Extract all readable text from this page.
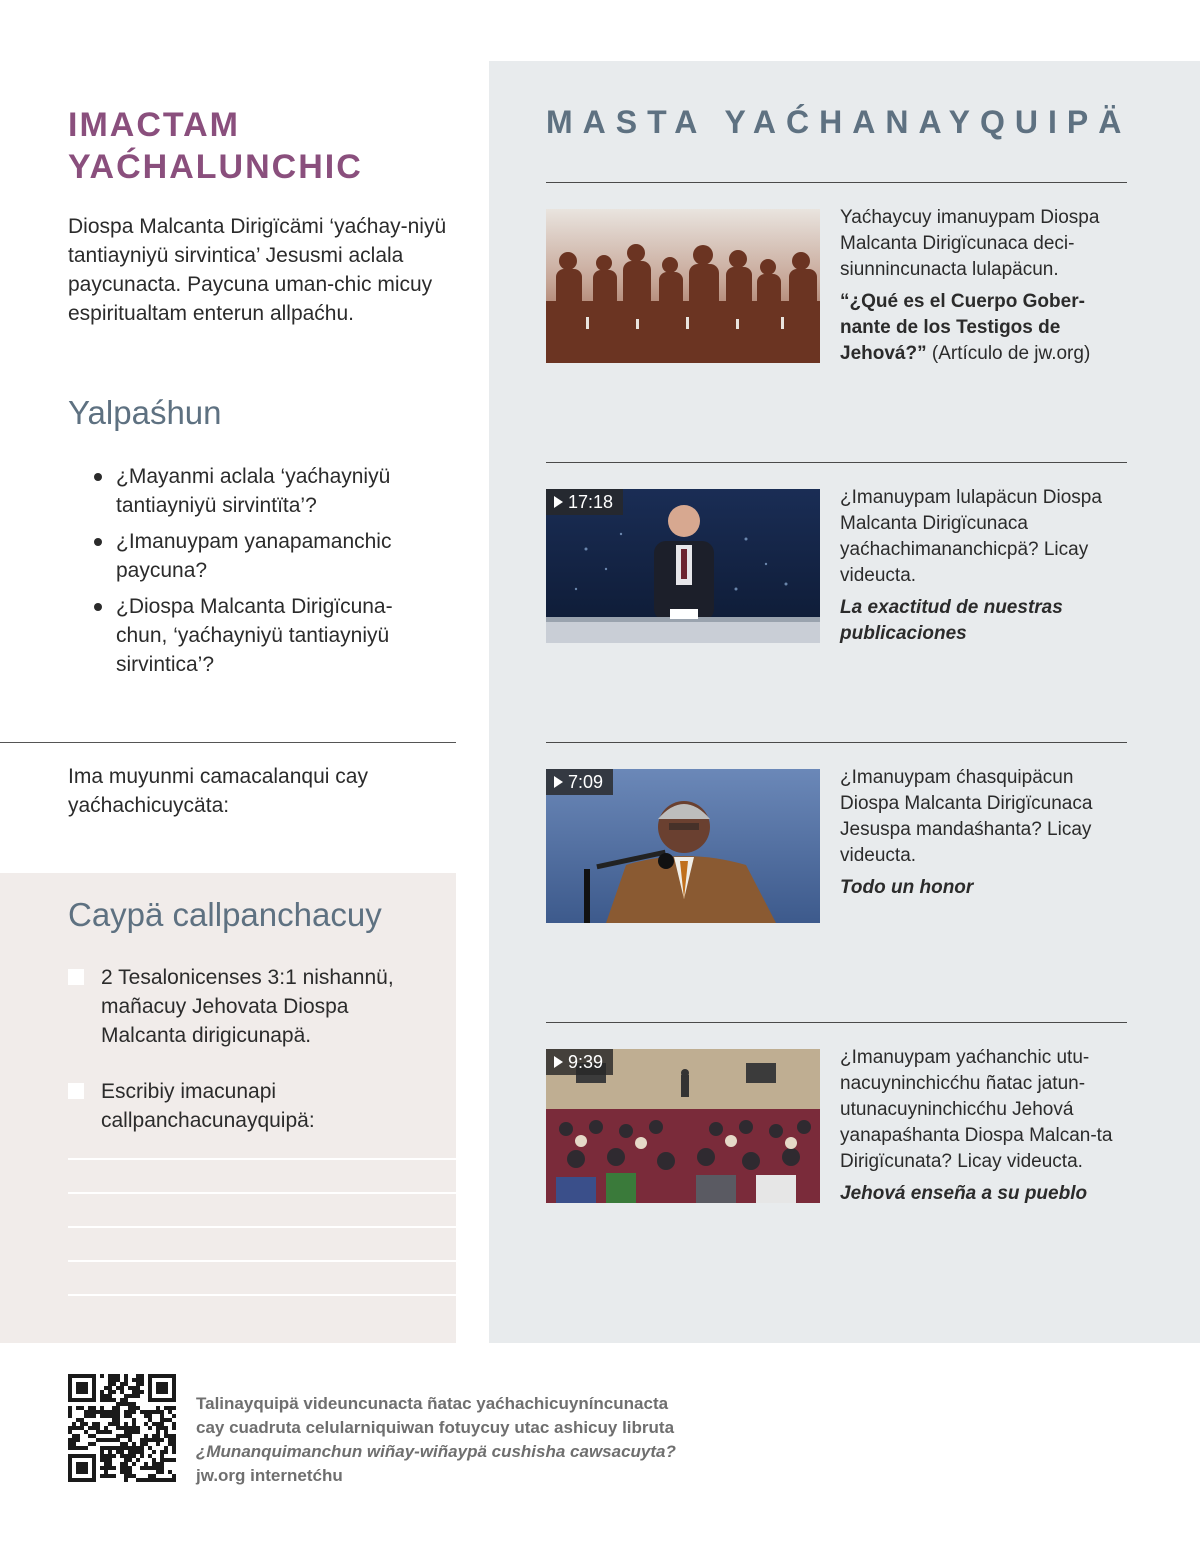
IMACTAM
YAĆHALUNCHIC
Diospa Malcanta Dirigïcämi ‘yaćhay-niyü tantiayniyü sirvintica’ Jesusmi aclala paycunacta. Paycuna uman-chic micuy espiritualtam enterun allpaćhu.
Yalpaśhun
¿Mayanmi aclala ‘yaćhayniyü tantiayniyü sirvintïta’?
¿Imanuypam yanapamanchic paycuna?
¿Diospa Malcanta Dirigïcuna-chun, ‘yaćhayniyü tantiayniyü sirvintica’?
Ima muyunmi camacalanqui cay yaćhachicuycäta:
Caypä callpanchacuy
2 Tesalonicenses 3:1 nishannü, mañacuy Jehovata Diospa Malcanta dirigicunapä.
Escribiy imacunapi callpanchacunayquipä:
MASTA YAĆHANAYQUIPÄ
Yaćhaycuy imanuypam Diospa Malcanta Dirigïcunaca deci-siunnincunacta lulapäcun.
“¿Qué es el Cuerpo Gober-nante de los Testigos de Jehová?” (Artículo de jw.org)
17:18	¿Imanuypam lulapäcun Diospa Malcanta Dirigïcunaca yaćhachimananchicpä? Licay videucta.
La exactitud de nuestras publicaciones
7:09	¿Imanuypam ćhasquipäcun Diospa Malcanta Dirigïcunaca Jesuspa mandaśhanta? Licay videucta.
Todo un honor
9:39	¿Imanuypam yaćhanchic utu-nacuyninchicćhu ñatac jatun-utunacuyninchicćhu Jehová yanapaśhanta Diospa Malcan-ta Dirigïcunata? Licay videucta.
Jehová enseña a su pueblo
Talinayquipä videuncunacta ñatac yaćhachicuyníncunacta
cay cuadruta celularniquiwan fotuycuy utac ashicuy libruta
¿Munanquimanchun wiñay-wiñaypä cushisha cawsacuyta?
jw.org internetćhu
